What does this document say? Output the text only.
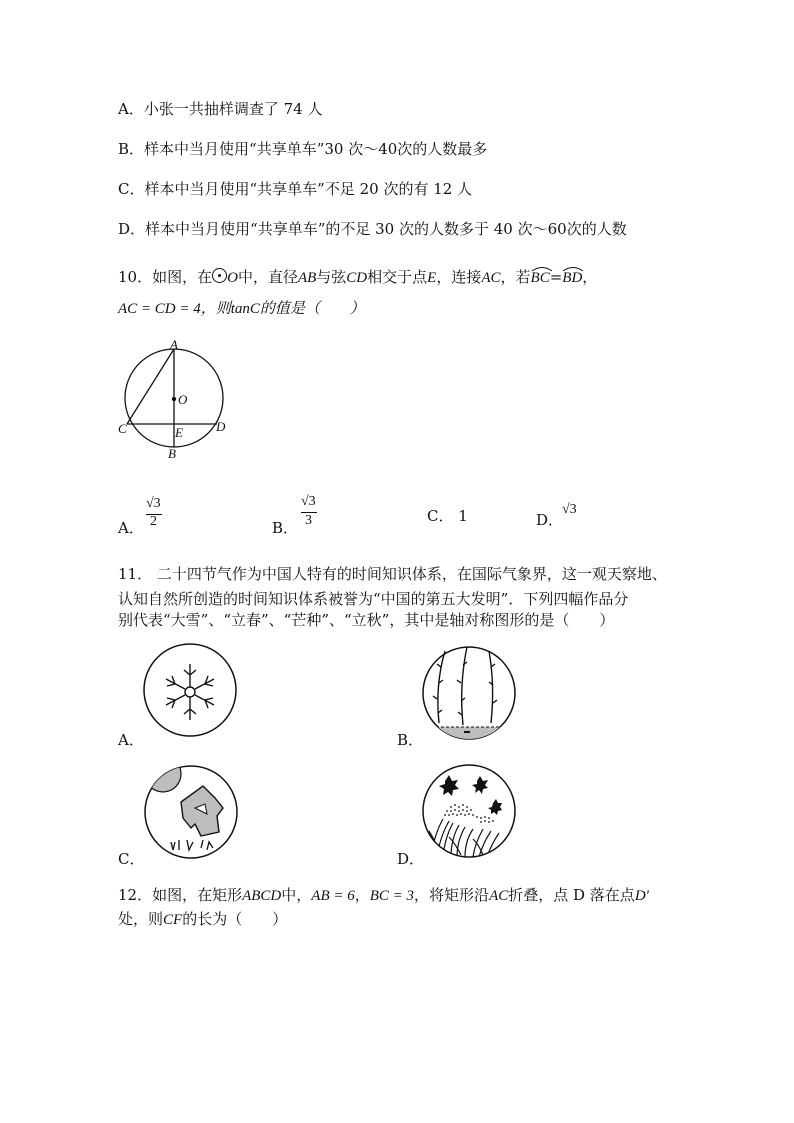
A．小张一共抽样调查了 74 人
B．样本中当月使用“共享单车”30 次～40次的人数最多
C．样本中当月使用“共享单车”不足 20 次的有 12 人
D．样本中当月使用“共享单车”的不足 30 次的人数多于 40 次～60次的人数
10．如图，在 O中，直径AB与弦CD相交于点E，连接AC，若BC
=BD
，
AC = CD = 4，则tanC的值是（　　）
A
O
C	E	D
B
A．
√3
2	B．
√3
3	C． 1	D．
√3
11． 二十四节气作为中国人特有的时间知识体系，在国际气象界，这一观天察地、
认知自然所创造的时间知识体系被誉为“中国的第五大发明”．下列四幅作品分
别代表“大雪”、“立春”、“芒种”、“立秋”，其中是轴对称图形的是（　　）
A．	B．
C．	D．
12．如图，在矩形ABCD中，AB = 6，BC = 3，将矩形沿AC折叠，点 D 落在点D′
处，则CF的长为（　　）
